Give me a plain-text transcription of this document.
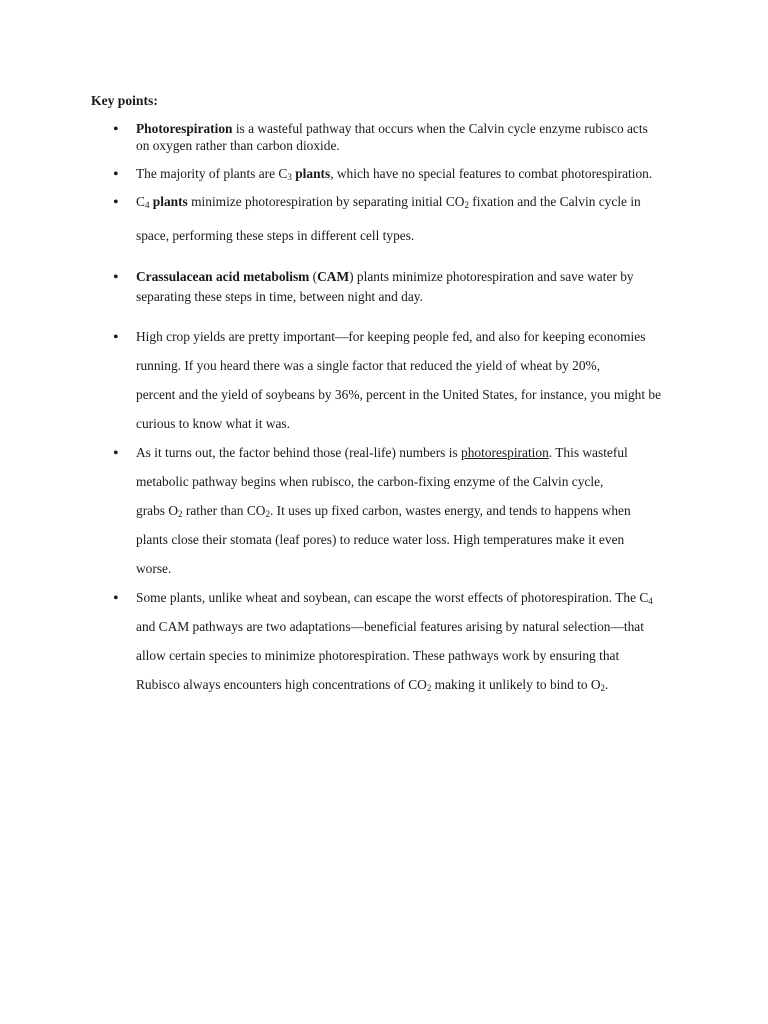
Key points:
• Photorespiration is a wasteful pathway that occurs when the Calvin cycle enzyme rubisco acts
on oxygen rather than carbon dioxide.
• The majority of plants are $C_3$ plants, which have no special features to combat photorespiration.
• $C_4$ plants minimize photorespiration by separating initial $CO_2$ fixation and the Calvin cycle in
space, performing these steps in different cell types.
• Crassulacean acid metabolism (CAM) plants minimize photorespiration and save water by
separating these steps in time, between night and day.
• High crop yields are pretty important—for keeping people fed, and also for keeping economies
running. If you heard there was a single factor that reduced the yield of wheat by 20%,
percent and the yield of soybeans by 36%, percent in the United States, for instance, you might be
curious to know what it was.
• As it turns out, the factor behind those (real-life) numbers is photorespiration. This wasteful
metabolic pathway begins when rubisco, the carbon-fixing enzyme of the Calvin cycle,
grabs $O_2$ rather than $CO_2$. It uses up fixed carbon, wastes energy, and tends to happens when
plants close their stomata (leaf pores) to reduce water loss. High temperatures make it even
worse.
• Some plants, unlike wheat and soybean, can escape the worst effects of photorespiration. The $C_4$
and CAM pathways are two adaptations—beneficial features arising by natural selection—that
allow certain species to minimize photorespiration. These pathways work by ensuring that
Rubisco always encounters high concentrations of $CO_2$ making it unlikely to bind to $O_2$.
